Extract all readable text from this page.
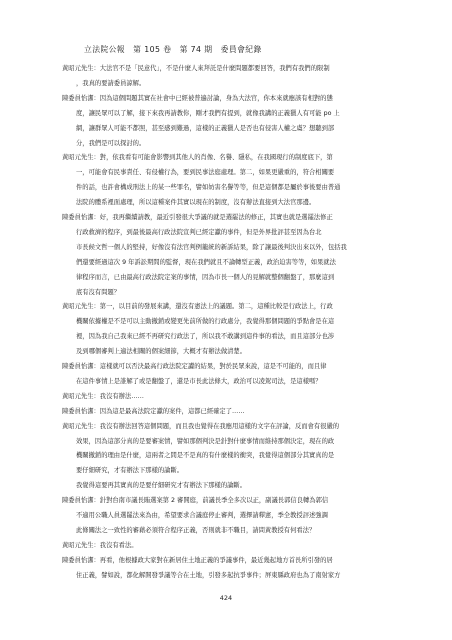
立法院公報　第 105 卷　第 74 期　委員會紀錄
黃昭元先生：大法官不是「民意代」，不是什麼人來拜託是什麼問題都要回答，我們有我們的限制
，我真的要請委員諒解。
陳委員怡潔：因為這個問題其實在社會中已經被普遍討論，身為大法官，你本來就應該有相對的態
度，讓民眾可以了解，接下來我再請教你，剛才我們有提到，就像我講的正義獵人有可能 po 上
網，讓群眾人可能不都照，甚至感到難過，這樣的正義獵人是否也有侵害人權之虞？想聽到部
分，我們是可以探討的。
黃昭元先生：對，依我看有可能會影響到其他人的肖像、名譽、隱私，在我國現行的制度底下，第
一，可能會有民事責任、有侵權行為，要到民事法庭處理。第二，如果更嚴重的，符合相關要
件的話，也許會構成刑法上的某一些罪名，譬如妨害名譽等等，但是這個都是屬於事後要由普通
法院的體系裡面處理，所以這種案件其實以現在的制度，沒有辦法直接到大法官那邊。
陳委員怡潔：好，我再繼續請教，最近引發很大爭議的就是選罷法的修正，其實也就是選罷法修正
行政救濟的程序，到最後最高行政法院宣判已經定讞的事件，但是外界批評甚至因為台北
市長候文哲一個人的堅持，好像沒有法官判例籠統的新訴結果，除了讓最後判決出來以外，包括我
們還要經過這次 9 年訴訟期間的監督，現在我們就且不論轉型正義，政治迫害等等，如果就法
律程序而言，已由最高行政法院定案的事情，因為市長一個人的見解就整個翻盤了，那麼這到
底有沒有問題？
黃昭元先生：第一，以目前的發展來講，還沒有憲法上的議題。第二，這種比較是行政法上，行政
機關依據權是不是可以主動撤銷或變更先前所做的行政處分，我覺得那個問題的爭點會是在這
裡，因為我自己我來已經不再研究行政法了，所以我不敢講到這件事的看法，而且這部分也涉
及到哪個審判上適法相關的個案細節，大概才有辦法做清楚。
陳委員怡潔：這樣就可以否決最高行政法院定讞的結果，對於民眾來說，這是不可能的，而且律
在這件事情上是誰解了或是翻盤了，還是市長此法條大，政治可以凌駕司法，是這樣嗎？
黃昭元先生：我沒有辦法……
陳委員怡潔：因為這是最高法院定讞的案件，這都已經確定了……
黃昭元先生：我沒有辦法回答這個問題，而且我也覺得在我應用這樣的文字在評論，反而會有很嚴的
效果，因為這部分真的是要審案情，譬如那個判決是針對什麼事情而維持那個決定，現在的政
機關撤銷的理由是什麼，這兩者之間是不是真的有什麼樣的衝突，我覺得這個部分其實真的是
要仔細研究，才有辦法下那樣的論斷。
我覺得這要再其實真的是要仔細研究才有辦法下那樣的論斷。
陳委員怡潔：針對台南市議長賄選案第 2 審開庭，前議長季全多次以正，副議長郭信良轉為郭信
不適用公職人員選罷法來為由，希望要求合議庭停止審判，選擇請釋憲，季全教授評述強調
此條關法之一致性的審藉必須符合程序正義，否則就非不職目，請問黃教授有何看法？
黃昭元先生：我沒有看法。
陳委員怡潔：再看，他根據政大家對在新居住土地正義的爭議事件，最近幾起地方首長所引發的居
住正義，譬如說，都化解開發爭議等合在土地，引發多起抗爭事件；屏東縣政府也為了南射家方
424
